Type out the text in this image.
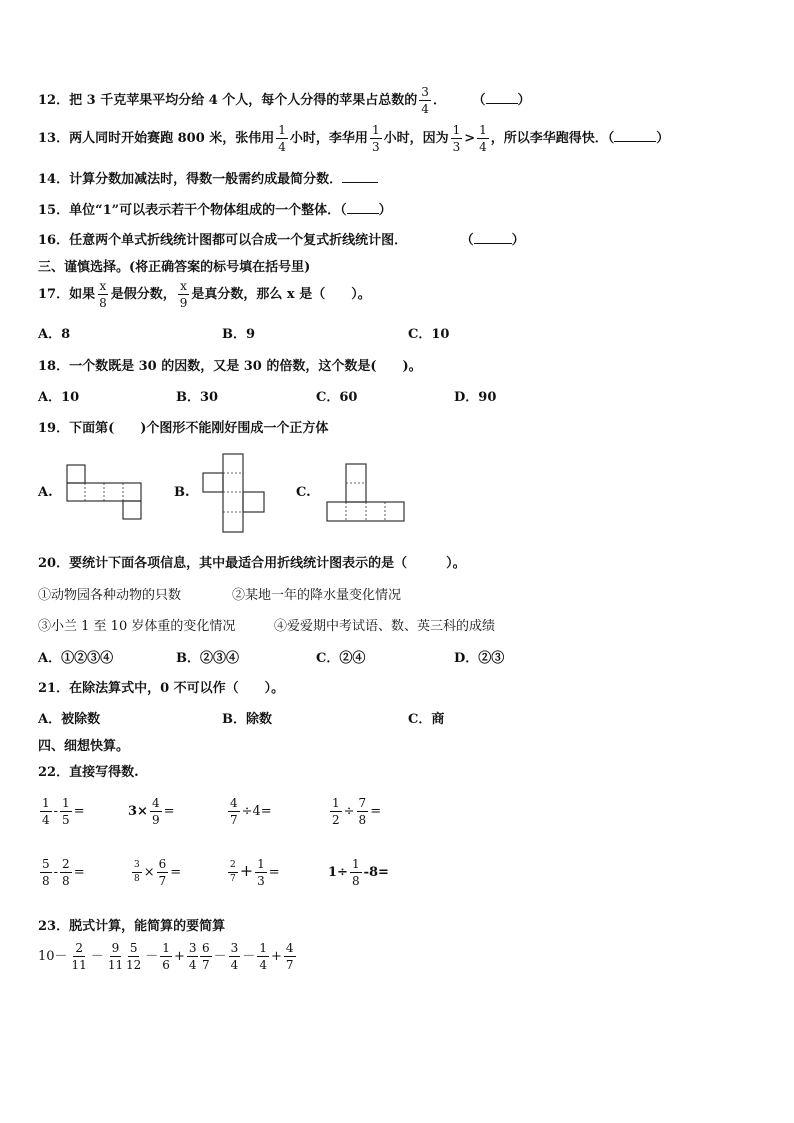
12．把 3 千克苹果平均分给 4 个人，每个人分得的苹果占总数的 $\frac{3}{4}$ ． （ ）
13．两人同时开始赛跑 800 米，张伟用 $\frac{1}{4}$ 小时，李华用 $\frac{1}{3}$ 小时，因为 $\frac{1}{3} > \frac{1}{4}$ ，所以李华跑得快．（	）
14．计算分数加减法时，得数一般需约成最简分数．
15．单位“1”可以表示若干个物体组成的一个整体．（ ）
16．任意两个单式折线统计图都可以合成一个复式折线统计图．	（	）
三、谨慎选择。(将正确答案的标号填在括号里)
17．如果 $\frac{x}{8}$ 是假分数， $\frac{x}{9}$ 是真分数，那么 x 是（　　）。
A．8	B．9	C．10
18．一个数既是 30 的因数，又是 30 的倍数，这个数是(　　)。
A．10	B．30	C．60	D．90
19．下面第(　　)个图形不能刚好围成一个正方体
A.	B.	C.
20．要统计下面各项信息，其中最适合用折线统计图表示的是（　　　）。
①动物园各种动物的只数	②某地一年的降水量变化情况
③小兰 1 至 10 岁体重的变化情况	④爱爱期中考试语、数、英三科的成绩
A．①②③④	B．②③④	C．②④	D．②③
21．在除法算式中，0 不可以作（　　）。
A．被除数	B．除数	C．商
四、细想快算。
22．直接写得数.
$\frac{1}{4} - \frac{1}{5}$ =	$3\times \frac{4}{9}$ =	$\frac{4}{7} \div 4=$	$\frac{1}{2} \div \frac{7}{8}$ =
$\frac{5}{8} - \frac{2}{8}$ =	$\frac{3}{8} \times \frac{6}{7}$ =	$\frac{2}{7} + \frac{1}{3}$ =	$1\div \frac{1}{8} -8=$
23．脱式计算，能简算的要简算
$10- \frac{2}{11} - \frac{9}{11}$
$\frac{5}{12} - \frac{1}{6} + \frac{3}{4} \frac{6}{7} - \frac{3}{4} - \frac{1}{4} + \frac{4}{7}$
